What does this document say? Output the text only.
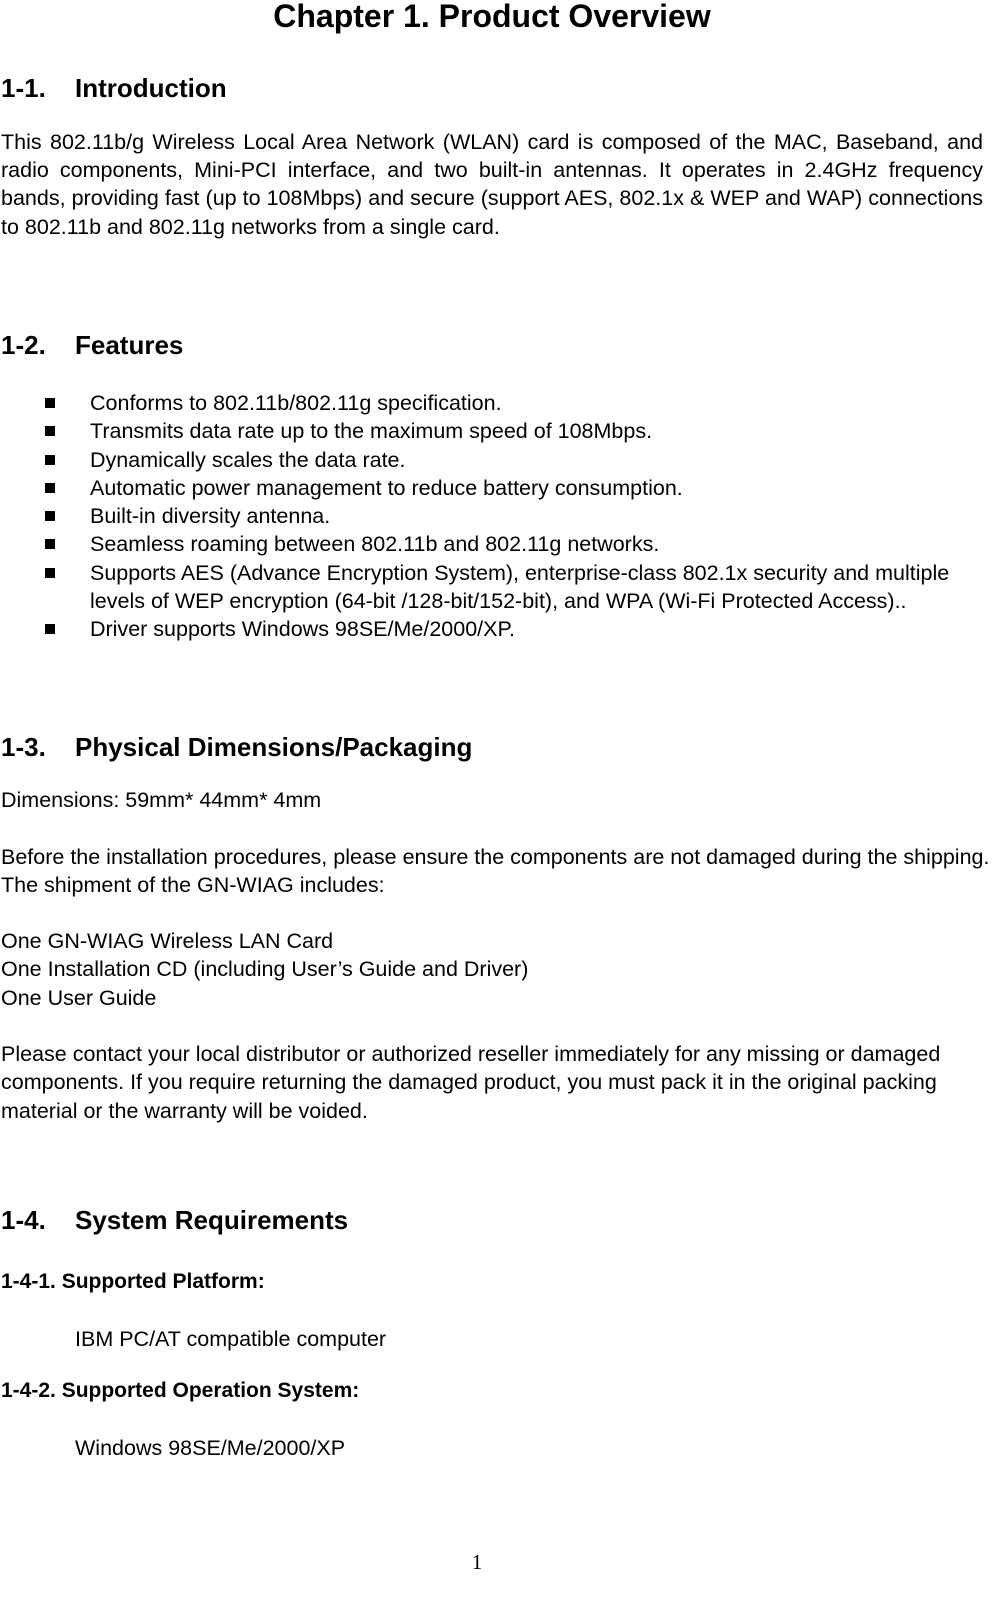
Chapter 1. Product Overview
1-1. Introduction
This 802.11b/g Wireless Local Area Network (WLAN) card is composed of the MAC, Baseband, and radio components, Mini-PCI interface, and two built-in antennas. It operates in 2.4GHz frequency bands, providing fast (up to 108Mbps) and secure (support AES, 802.1x & WEP and WAP) connections to 802.11b and 802.11g networks from a single card.
1-2. Features
Conforms to 802.11b/802.11g specification.
Transmits data rate up to the maximum speed of 108Mbps.
Dynamically scales the data rate.
Automatic power management to reduce battery consumption.
Built-in diversity antenna.
Seamless roaming between 802.11b and 802.11g networks.
Supports AES (Advance Encryption System), enterprise-class 802.1x security and multiple levels of WEP encryption (64-bit /128-bit/152-bit), and WPA (Wi-Fi Protected Access)..
Driver supports Windows 98SE/Me/2000/XP.
1-3. Physical Dimensions/Packaging
Dimensions: 59mm* 44mm* 4mm
Before the installation procedures, please ensure the components are not damaged during the shipping. The shipment of the GN-WIAG includes:

One GN-WIAG Wireless LAN Card

One Installation CD (including User’s Guide and Driver)

One User Guide

Please contact your local distributor or authorized reseller immediately for any missing or damaged components. If you require returning the damaged product, you must pack it in the original packing material or the warranty will be voided.
1-4. System Requirements
1-4-1. Supported Platform:
IBM PC/AT compatible computer
1-4-2. Supported Operation System:
Windows 98SE/Me/2000/XP
1
